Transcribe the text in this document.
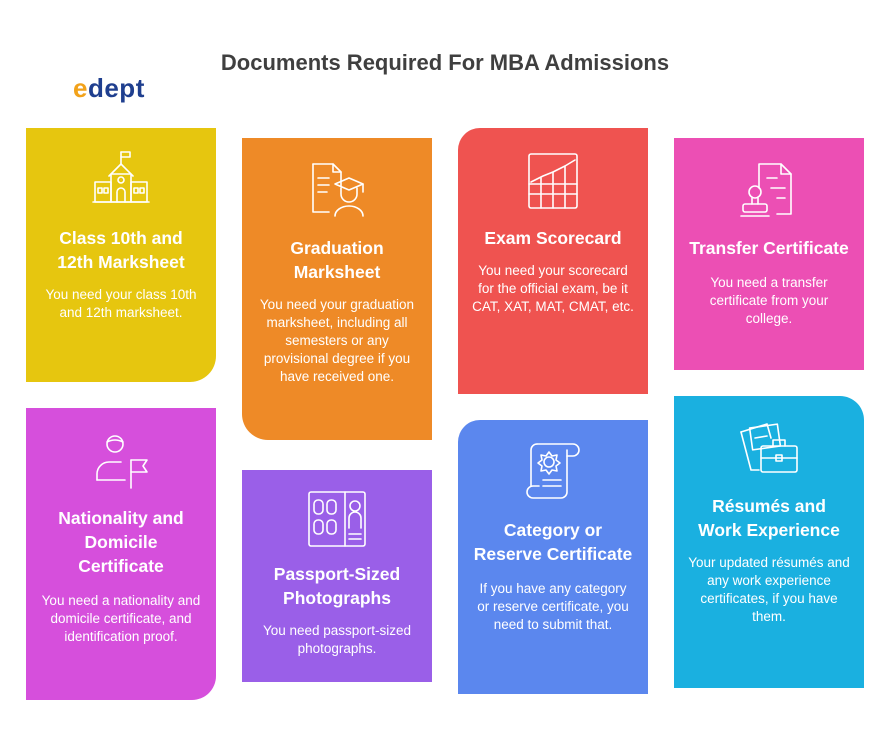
Documents Required For MBA Admissions
edept
Class 10th and 12th Marksheet

You need your class 10th and 12th marksheet.

Graduation Marksheet

You need your graduation marksheet, including all semesters or any provisional degree if you have received one.

Exam Scorecard

You need your scorecard for the official exam, be it CAT, XAT, MAT, CMAT, etc.

Transfer Certificate

You need a transfer certificate from your college.

Nationality and Domicile Certificate

You need a nationality and domicile certificate, and identification proof.

Passport-Sized Photographs

You need passport-sized photographs.

Category or Reserve Certificate

If you have any category or reserve certificate, you need to submit that.

Résumés and Work Experience

Your updated résumés and any work experience certificates, if you have them.
